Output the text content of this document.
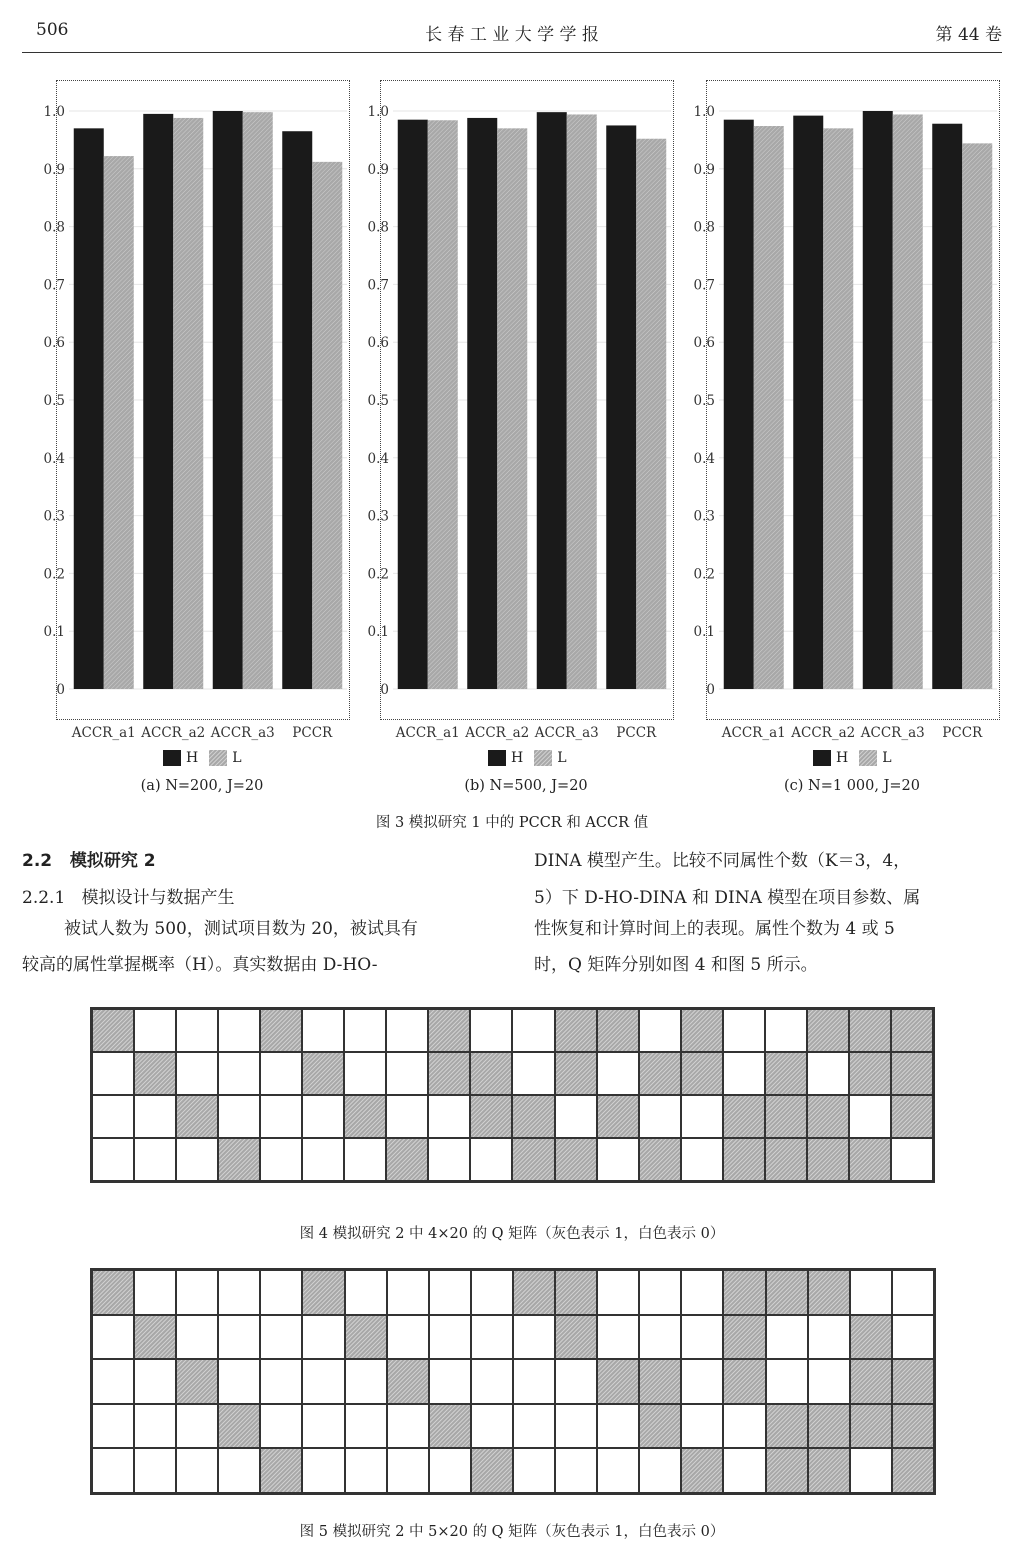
506	长 春 工 业 大 学 学 报	第 44 卷
0
0.1
0.2
0.3
0.4
0.5
0.6
0.7
0.8
0.9
1.0
ACCR_a1 ACCR_a2 ACCR_a3 PCCR
0
0.1
0.2
0.3
0.4
0.5
0.6
0.7
0.8
0.9
1.0
ACCR_a1 ACCR_a2 ACCR_a3 PCCR
0
0.1
0.2
0.3
0.4
0.5
0.6
0.7
0.8
0.9
1.0
ACCR_a1 ACCR_a2 ACCR_a3 PCCR
H L	H L	H L
(a) N=200, J=20	(b) N=500, J=20	(c) N=1 000, J=20
图 3 模拟研究 1 中的 PCCR 和 ACCR 值
2.2   模拟研究 2
2.2.1   模拟设计与数据产生
被试人数为 500，测试项目数为 20，被试具有
较高的属性掌握概率（H）。真实数据由 D-HO-
DINA 模型产生。比较不同属性个数（K＝3，4，
5）下 D-HO-DINA 和 DINA 模型在项目参数、属
性恢复和计算时间上的表现。属性个数为 4 或 5
时，Q 矩阵分别如图 4 和图 5 所示。
图 4 模拟研究 2 中 4×20 的 Q 矩阵（灰色表示 1，白色表示 0）
图 5 模拟研究 2 中 5×20 的 Q 矩阵（灰色表示 1，白色表示 0）
